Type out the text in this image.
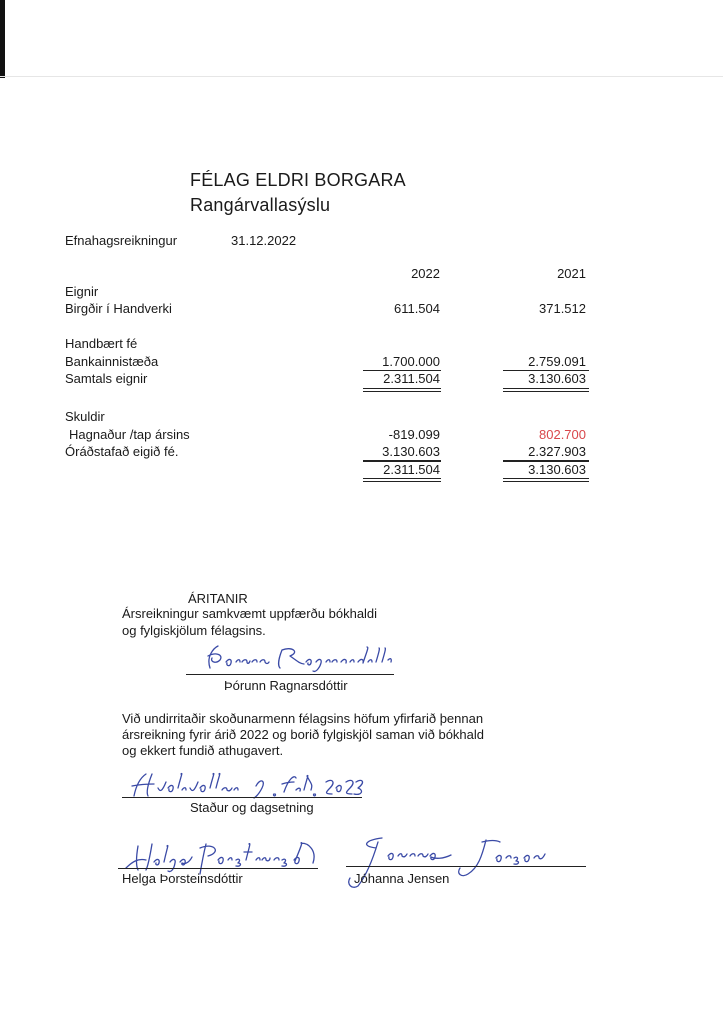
FÉLAG ELDRI BORGARA
Rangárvallasýslu
Efnahagsreikningur	31.12.2022
2022	2021
Eignir
Birgðir í Handverki	611.504	371.512
Handbært fé
Bankainnistæða	1.700.000	2.759.091
Samtals eignir	2.311.504	3.130.603
Skuldir
Hagnaður /tap ársins	-819.099	802.700
Óráðstafað eigið fé.	3.130.603	2.327.903
2.311.504	3.130.603
ÁRITANIR
Ársreikningur samkvæmt uppfærðu bókhaldi
og fylgiskjölum félagsins.
Þórunn Ragnarsdóttir
Við undirritaðir skoðunarmenn félagsins höfum yfirfarið þennan
ársreikning fyrir árið 2022 og borið fylgiskjöl saman við bókhald
og ekkert fundið athugavert.
Staður og dagsetning
Helga Þorsteinsdóttir	Jóhanna Jensen
